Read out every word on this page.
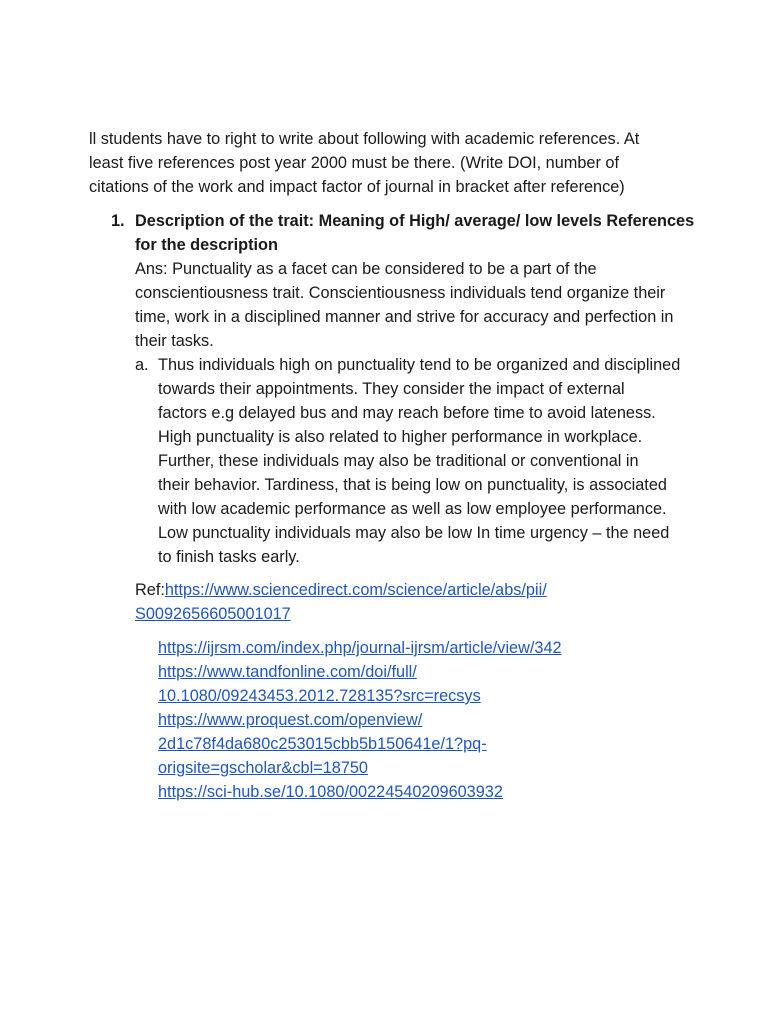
ll students have to right to write about following with academic references. At
least five references post year 2000 must be there. (Write DOI, number of
citations of the work and impact factor of journal in bracket after reference)
1. Description of the trait: Meaning of High/ average/ low levels References
for the description
Ans: Punctuality as a facet can be considered to be a part of the
conscientiousness trait. Conscientiousness individuals tend organize their
time, work in a disciplined manner and strive for accuracy and perfection in
their tasks.
a. Thus individuals high on punctuality tend to be organized and disciplined
towards their appointments. They consider the impact of external
factors e.g delayed bus and may reach before time to avoid lateness.
High punctuality is also related to higher performance in workplace.
Further, these individuals may also be traditional or conventional in
their behavior. Tardiness, that is being low on punctuality, is associated
with low academic performance as well as low employee performance.
Low punctuality individuals may also be low In time urgency – the need
to finish tasks early.
Ref:https://www.sciencedirect.com/science/article/abs/pii/
S0092656605001017
https://ijrsm.com/index.php/journal-ijrsm/article/view/342
https://www.tandfonline.com/doi/full/
10.1080/09243453.2012.728135?src=recsys
https://www.proquest.com/openview/
2d1c78f4da680c253015cbb5b150641e/1?pq-
origsite=gscholar&cbl=18750
https://sci-hub.se/10.1080/00224540209603932
